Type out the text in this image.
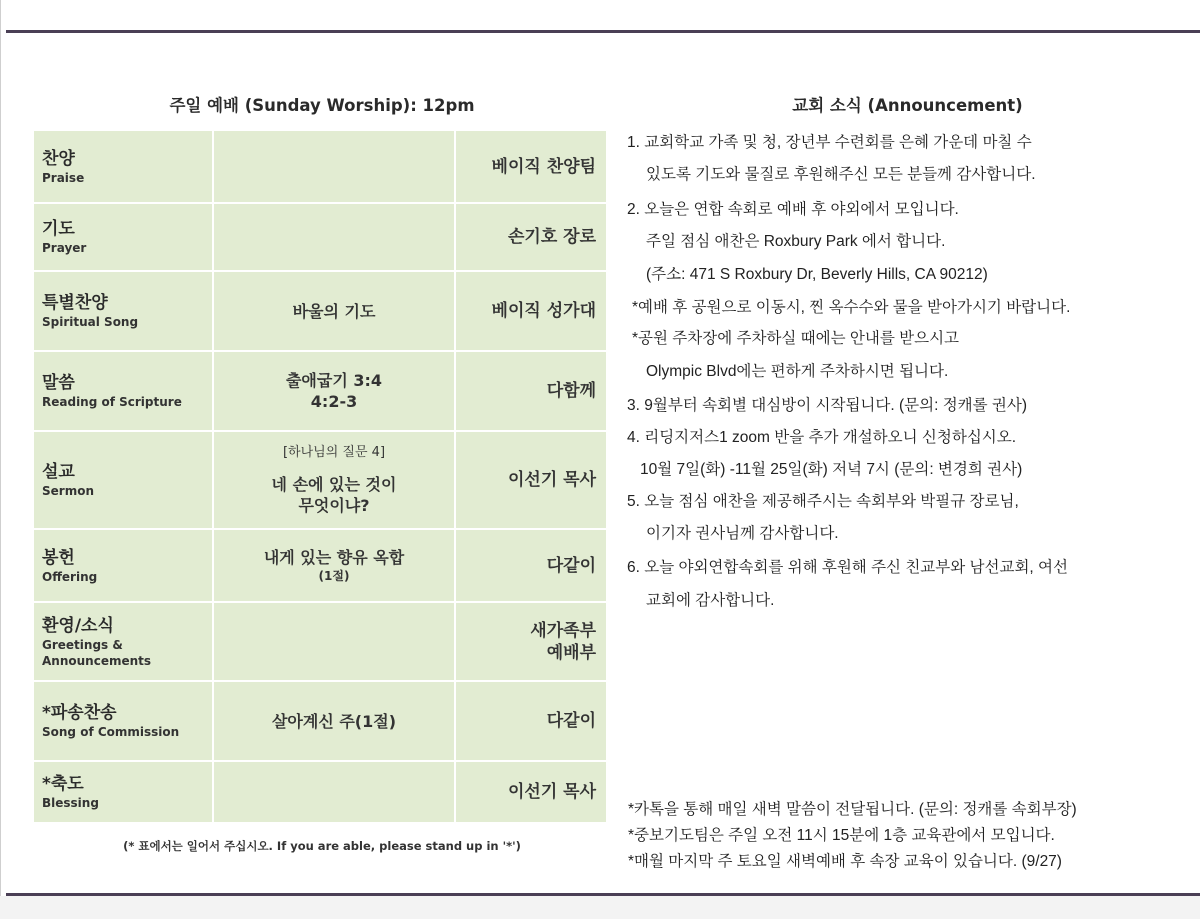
주일 예배 (Sunday Worship): 12pm
찬양
Praise		베이직 찬양팀

기도
Prayer		손기호 장로

특별찬양
Spiritual Song	바울의 기도	베이직 성가대

말씀
Reading of Scripture	출애굽기 3:4
4:2-3	다함께

설교
Sermon	[하나님의 질문 4]
네 손에 있는 것이
무엇이냐?	이선기 목사

봉헌
Offering	내게 있는 향유 옥합
(1절)	다같이

환영/소식
Greetings &
Announcements		새가족부
예배부

*파송찬송
Song of Commission	살아계신 주(1절)	다같이

*축도
Blessing		이선기 목사
(* 표에서는 일어서 주십시오. If you are able, please stand up in '*')
교회 소식 (Announcement)
1. 교회학교 가족 및 청, 장년부 수련회를 은혜 가운데 마칠 수
있도록 기도와 물질로 후원해주신 모든 분들께 감사합니다.
2. 오늘은 연합 속회로 예배 후 야외에서 모입니다.
주일 점심 애찬은 Roxbury Park 에서 합니다.
(주소: 471 S Roxbury Dr, Beverly Hills, CA 90212)
*예배 후 공원으로 이동시, 찐 옥수수와 물을 받아가시기 바랍니다.
*공원 주차장에 주차하실 때에는 안내를 받으시고
Olympic Blvd에는 편하게 주차하시면 됩니다.
3. 9월부터 속회별 대심방이 시작됩니다. (문의: 정캐롤 권사)
4. 리딩지저스1 zoom 반을 추가 개설하오니 신청하십시오.
10월 7일(화) -11월 25일(화) 저녁 7시 (문의: 변경희 권사)
5. 오늘 점심 애찬을 제공해주시는 속회부와 박필규 장로님,
이기자 권사님께 감사합니다.
6. 오늘 야외연합속회를 위해 후원해 주신 친교부와 남선교회, 여선
교회에 감사합니다.
*카톡을 통해 매일 새벽 말씀이 전달됩니다. (문의: 정캐롤 속회부장)
*중보기도팀은 주일 오전 11시 15분에 1층 교육관에서 모입니다.
*매월 마지막 주 토요일 새벽예배 후 속장 교육이 있습니다. (9/27)
